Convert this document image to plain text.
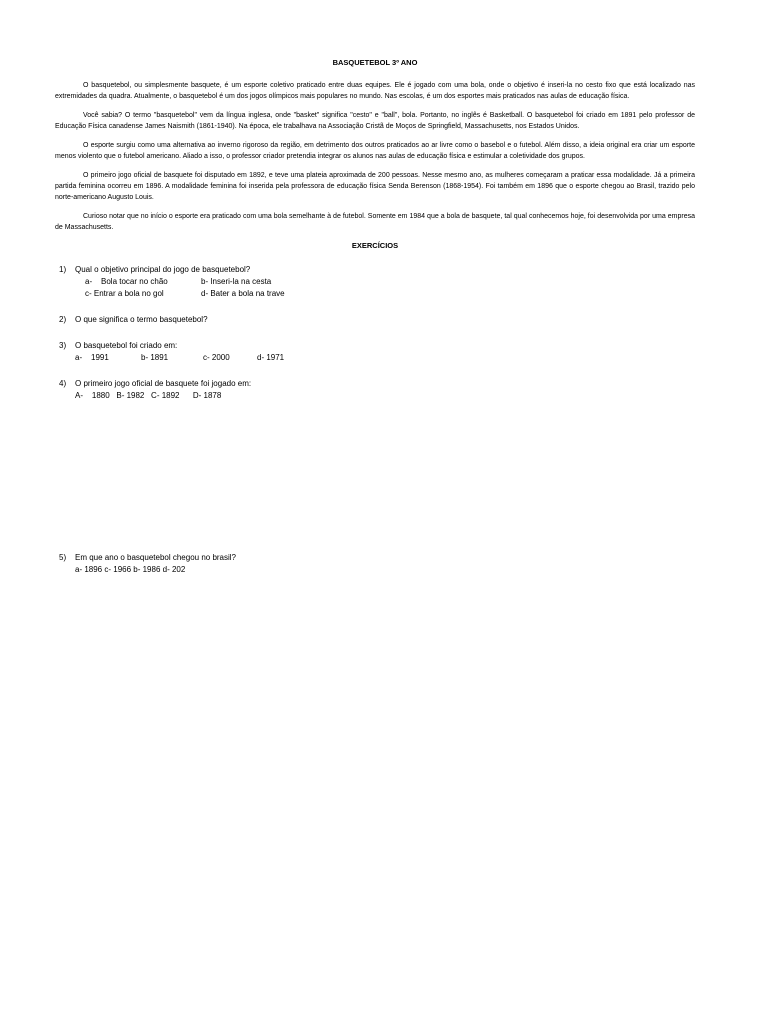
BASQUETEBOL 3º ANO

O basquetebol, ou simplesmente basquete, é um esporte coletivo praticado entre duas equipes. Ele é jogado com uma bola, onde o objetivo é inseri-la no cesto fixo que está localizado nas extremidades da quadra. Atualmente, o basquetebol é um dos jogos olímpicos mais populares no mundo. Nas escolas, é um dos esportes mais praticados nas aulas de educação física.

Você sabia? O termo "basquetebol" vem da língua inglesa, onde "basket" significa "cesto" e "ball", bola. Portanto, no inglês é Basketball. O basquetebol foi criado em 1891 pelo professor de Educação Física canadense James Naismith (1861-1940). Na época, ele trabalhava na Associação Cristã de Moços de Springfield, Massachusetts, nos Estados Unidos.

O esporte surgiu como uma alternativa ao inverno rigoroso da região, em detrimento dos outros praticados ao ar livre como o basebol e o futebol. Além disso, a ideia original era criar um esporte menos violento que o futebol americano. Aliado a isso, o professor criador pretendia integrar os alunos nas aulas de educação física e estimular a coletividade dos grupos.

O primeiro jogo oficial de basquete foi disputado em 1892, e teve uma plateia aproximada de 200 pessoas. Nesse mesmo ano, as mulheres começaram a praticar essa modalidade. Já a primeira partida feminina ocorreu em 1896. A modalidade feminina foi inserida pela professora de educação física Senda Berenson (1868-1954). Foi também em 1896 que o esporte chegou ao Brasil, trazido pelo norte-americano Augusto Louis.

Curioso notar que no início o esporte era praticado com uma bola semelhante à de futebol. Somente em 1984 que a bola de basquete, tal qual conhecemos hoje, foi desenvolvida por uma empresa de Massachusetts.

EXERCÍCIOS
1)	Qual o objetivo principal do jogo de basquetebol?
a-    Bola tocar no chão	b- Inseri-la na cesta
c- Entrar a bola no gol	d- Bater a bola na trave
2)	O que significa o termo basquetebol?
3)	O basquetebol foi criado em:
a-    1991	b- 1891	c- 2000	d- 1971
4)	O primeiro jogo oficial de basquete foi jogado em:
A-    1880   B- 1982   C- 1892      D- 1878
5)	Em que ano o basquetebol chegou no brasil?
a- 1896 c- 1966 b- 1986 d- 202
